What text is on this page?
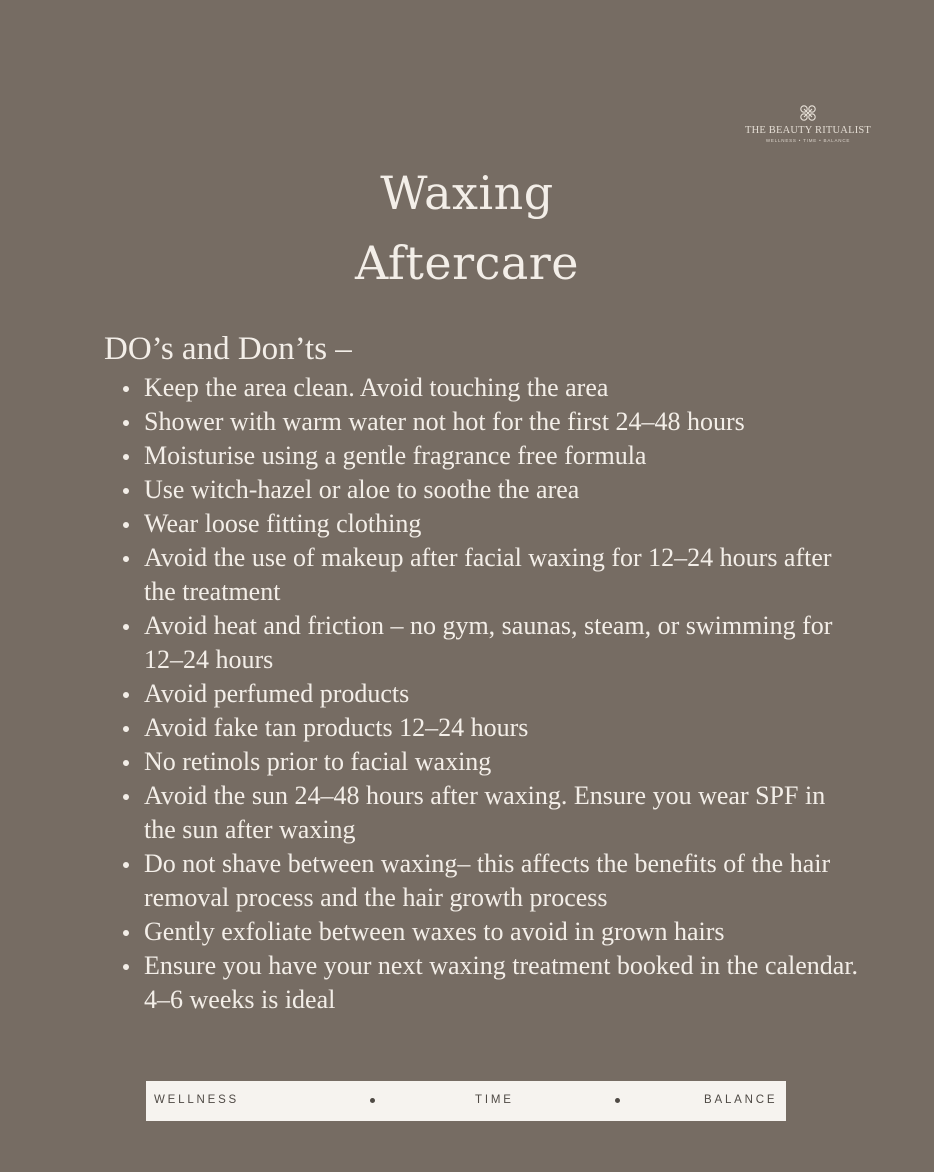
THE BEAUTY RITUALIST
WELLNESS • TIME • BALANCE
Waxing
Aftercare
DO’s and Don’ts –
Keep the area clean. Avoid touching the area
Shower with warm water not hot for the first 24–48 hours
Moisturise using a gentle fragrance free formula
Use witch-hazel or aloe to soothe the area
Wear loose fitting clothing
Avoid the use of makeup after facial waxing for 12–24 hours after the treatment
Avoid heat and friction – no gym, saunas, steam, or swimming for 12–24 hours
Avoid perfumed products
Avoid fake tan products 12–24 hours
No retinols prior to facial waxing
Avoid the sun 24–48 hours after waxing. Ensure you wear SPF in the sun after waxing
Do not shave between waxing– this affects the benefits of the hair removal process and the hair growth process
Gently exfoliate between waxes to avoid in grown hairs
Ensure you have your next waxing treatment booked in the calendar. 4–6 weeks is ideal
WELLNESS	TIME	BALANCE
